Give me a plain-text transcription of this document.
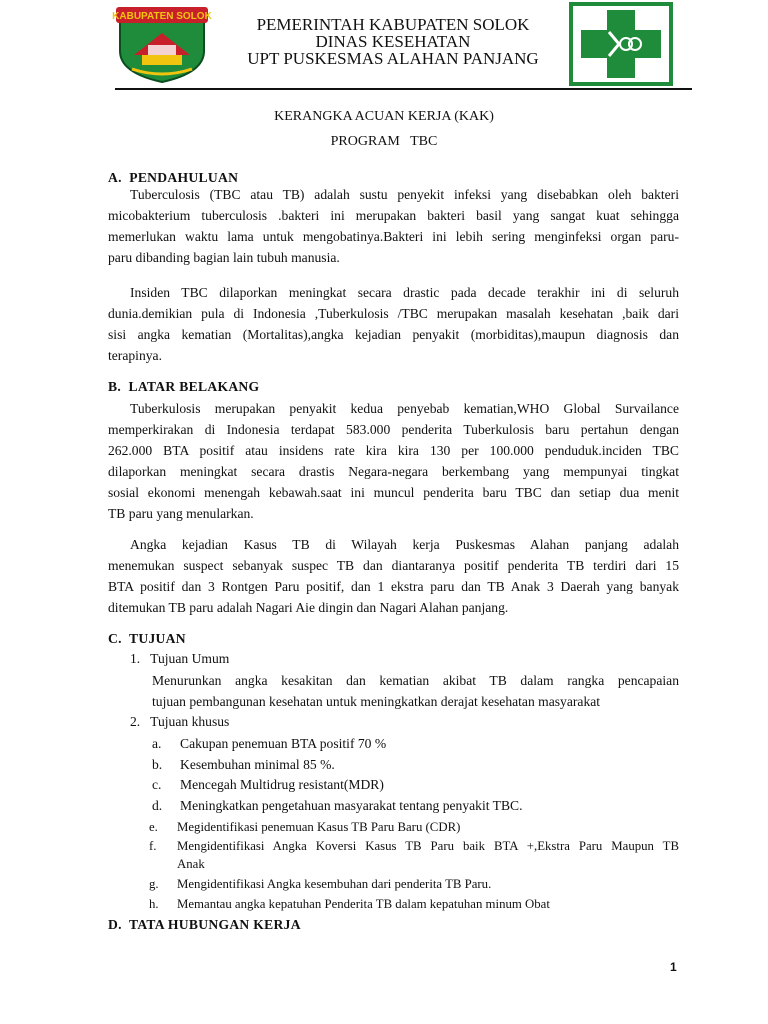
KABUPATEN SOLOK	PEMERINTAH KABUPATEN SOLOK
DINAS KESEHATAN
UPT PUSKESMAS ALAHAN PANJANG
KERANGKA ACUAN KERJA (KAK)
PROGRAM   TBC
A.  PENDAHULUAN
Tuberculosis (TBC atau TB) adalah sustu penyekit infeksi yang disebabkan oleh bakteri
micobakterium tuberculosis .bakteri ini merupakan bakteri basil yang sangat kuat sehingga
memerlukan waktu lama untuk mengobatinya.Bakteri ini lebih sering menginfeksi organ paru-
paru dibanding bagian lain tubuh manusia.
Insiden TBC dilaporkan meningkat secara drastic pada decade terakhir ini di seluruh
dunia.demikian pula di Indonesia ,Tuberkulosis /TBC merupakan masalah kesehatan ,baik dari
sisi angka kematian (Mortalitas),angka kejadian penyakit (morbiditas),maupun diagnosis dan
terapinya.
B.  LATAR BELAKANG
Tuberkulosis merupakan penyakit kedua penyebab kematian,WHO Global Survailance
memperkirakan di Indonesia terdapat 583.000 penderita Tuberkulosis baru pertahun dengan
262.000 BTA positif atau insidens rate kira kira 130 per 100.000 penduduk.inciden TBC
dilaporkan meningkat secara drastis Negara-negara berkembang yang mempunyai tingkat
sosial ekonomi menengah kebawah.saat ini muncul penderita baru TBC dan setiap dua menit
TB paru yang menularkan.
Angka kejadian Kasus TB di Wilayah kerja Puskesmas Alahan panjang adalah
menemukan suspect sebanyak suspec TB dan diantaranya positif penderita TB terdiri dari 15
BTA positif dan 3 Rontgen Paru positif, dan 1 ekstra paru dan TB Anak 3 Daerah yang banyak
ditemukan TB paru adalah Nagari Aie dingin dan Nagari Alahan panjang.
C.  TUJUAN
1.   Tujuan Umum
Menurunkan angka kesakitan dan kematian akibat TB dalam rangka pencapaian
tujuan pembangunan kesehatan untuk meningkatkan derajat kesehatan masyarakat
2.   Tujuan khusus
a. Cakupan penemuan BTA positif 70 %
b. Kesembuhan minimal 85 %.
c. Mencegah Multidrug resistant(MDR)
d. Meningkatkan pengetahuan masyarakat tentang penyakit TBC.
e. Megidentifikasi penemuan Kasus TB Paru Baru (CDR)
f. Mengidentifikasi Angka Koversi Kasus TB Paru baik BTA +,Ekstra Paru Maupun TB
Anak
g. Mengidentifikasi Angka kesembuhan dari penderita TB Paru.
h. Memantau angka kepatuhan Penderita TB dalam kepatuhan minum Obat
D.  TATA HUBUNGAN KERJA
1
